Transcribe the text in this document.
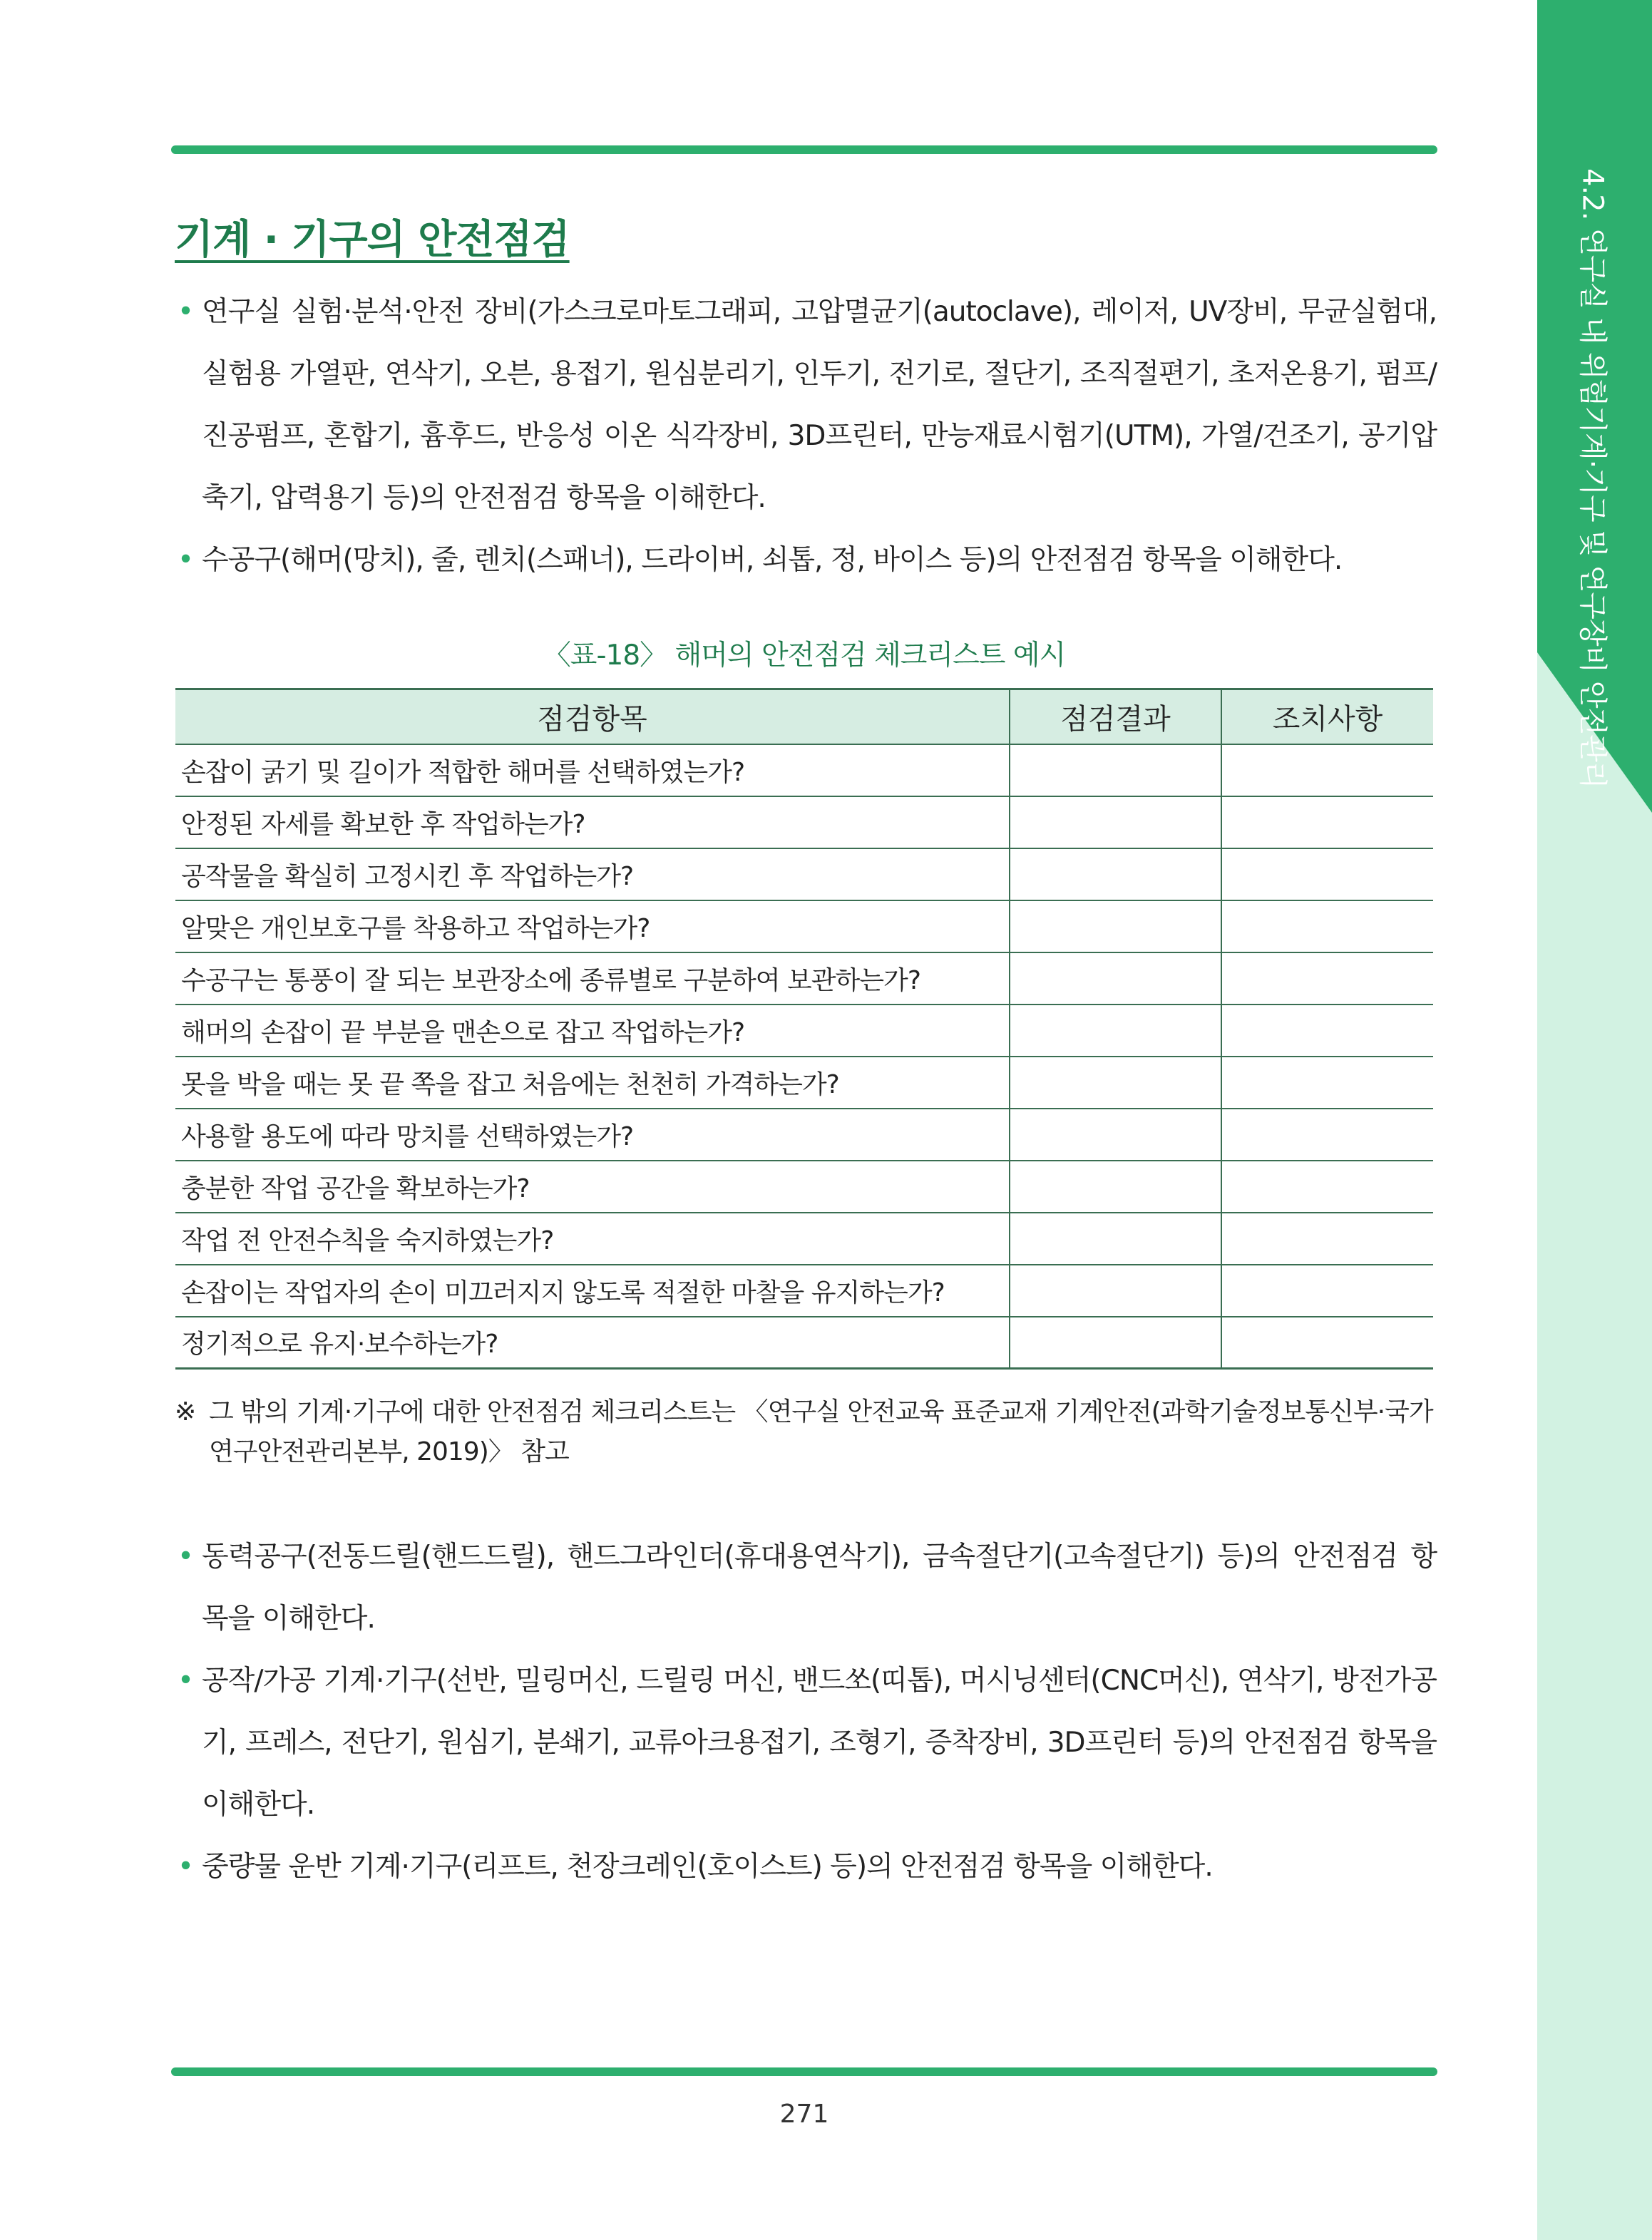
4.2. 연구실 내 위험기계·기구 및 연구장비 안전관리
기계 · 기구의 안전점검
• 연구실 실험·분석·안전 장비(가스크로마토그래피, 고압멸균기(autoclave), 레이저, UV장비, 무균실험대, 실험용 가열판, 연삭기, 오븐, 용접기, 원심분리기, 인두기, 전기로, 절단기, 조직절편기, 초저온용기, 펌프/진공펌프, 혼합기, 흄후드, 반응성 이온 식각장비, 3D프린터, 만능재료시험기(UTM), 가열/건조기, 공기압축기, 압력용기 등)의 안전점검 항목을 이해한다.
• 수공구(해머(망치), 줄, 렌치(스패너), 드라이버, 쇠톱, 정, 바이스 등)의 안전점검 항목을 이해한다.
〈표-18〉 해머의 안전점검 체크리스트 예시
점검항목	점검결과	조치사항
손잡이 굵기 및 길이가 적합한 해머를 선택하였는가?		
안정된 자세를 확보한 후 작업하는가?		
공작물을 확실히 고정시킨 후 작업하는가?		
알맞은 개인보호구를 착용하고 작업하는가?		
수공구는 통풍이 잘 되는 보관장소에 종류별로 구분하여 보관하는가?		
해머의 손잡이 끝 부분을 맨손으로 잡고 작업하는가?		
못을 박을 때는 못 끝 쪽을 잡고 처음에는 천천히 가격하는가?		
사용할 용도에 따라 망치를 선택하였는가?		
충분한 작업 공간을 확보하는가?		
작업 전 안전수칙을 숙지하였는가?		
손잡이는 작업자의 손이 미끄러지지 않도록 적절한 마찰을 유지하는가?		
정기적으로 유지·보수하는가?		
※ 그 밖의 기계·기구에 대한 안전점검 체크리스트는 〈연구실 안전교육 표준교재 기계안전(과학기술정보통신부·국가연구안전관리본부, 2019)〉 참고
• 동력공구(전동드릴(핸드드릴), 핸드그라인더(휴대용연삭기), 금속절단기(고속절단기) 등)의 안전점검 항목을 이해한다.
• 공작/가공 기계·기구(선반, 밀링머신, 드릴링 머신, 밴드쏘(띠톱), 머시닝센터(CNC머신), 연삭기, 방전가공기, 프레스, 전단기, 원심기, 분쇄기, 교류아크용접기, 조형기, 증착장비, 3D프린터 등)의 안전점검 항목을 이해한다.
• 중량물 운반 기계·기구(리프트, 천장크레인(호이스트) 등)의 안전점검 항목을 이해한다.
271
